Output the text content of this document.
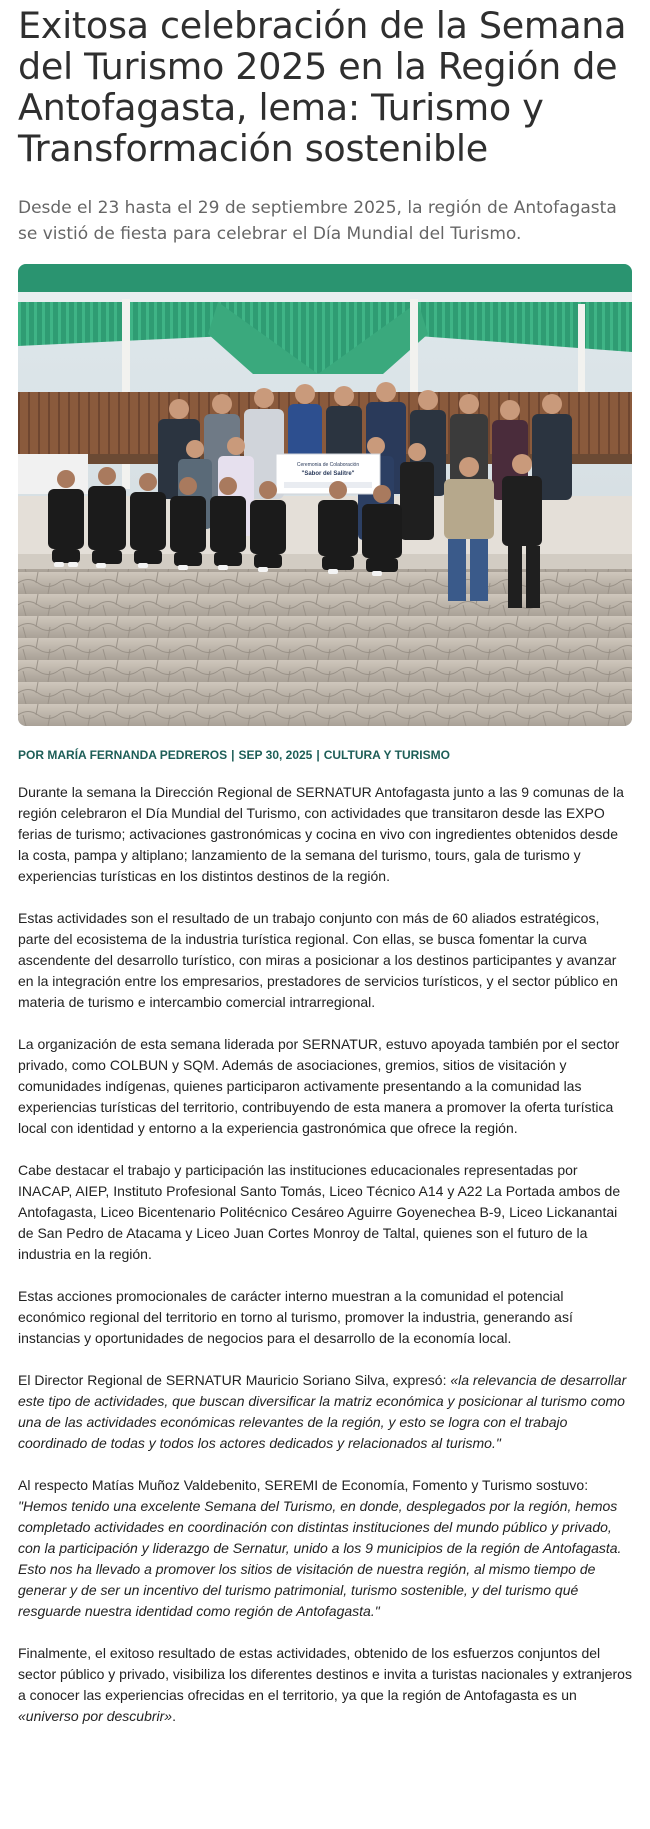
Exitosa celebración de la Semana del Turismo 2025 en la Región de Antofagasta, lema: Turismo y Transformación sostenible

Desde el 23 hasta el 29 de septiembre 2025, la región de Antofagasta se vistió de fiesta para celebrar el Día Mundial del Turismo.

Ceremonia de Colaboración
"Sabor del Salitre"
POR MARÍA FERNANDA PEDREROS | SEP 30, 2025 | CULTURA Y TURISMO

Durante la semana la Dirección Regional de SERNATUR Antofagasta junto a las 9 comunas de la región celebraron el Día Mundial del Turismo, con actividades que transitaron desde las EXPO ferias de turismo; activaciones gastronómicas y cocina en vivo con ingredientes obtenidos desde la costa, pampa y altiplano; lanzamiento de la semana del turismo, tours, gala de turismo y experiencias turísticas en los distintos destinos de la región.

Estas actividades son el resultado de un trabajo conjunto con más de 60 aliados estratégicos, parte del ecosistema de la industria turística regional. Con ellas, se busca fomentar la curva ascendente del desarrollo turístico, con miras a posicionar a los destinos participantes y avanzar en la integración entre los empresarios, prestadores de servicios turísticos, y el sector público en materia de turismo e intercambio comercial intrarregional.

La organización de esta semana liderada por SERNATUR, estuvo apoyada también por el sector privado, como COLBUN y SQM. Además de asociaciones, gremios, sitios de visitación y comunidades indígenas, quienes participaron activamente presentando a la comunidad las experiencias turísticas del territorio, contribuyendo de esta manera a promover la oferta turística local con identidad y entorno a la experiencia gastronómica que ofrece la región.

Cabe destacar el trabajo y participación las instituciones educacionales representadas por INACAP, AIEP, Instituto Profesional Santo Tomás, Liceo Técnico A14 y A22 La Portada ambos de Antofagasta, Liceo Bicentenario Politécnico Cesáreo Aguirre Goyenechea B-9, Liceo Lickanantai de San Pedro de Atacama y Liceo Juan Cortes Monroy de Taltal, quienes son el futuro de la industria en la región.

Estas acciones promocionales de carácter interno muestran a la comunidad el potencial económico regional del territorio en torno al turismo, promover la industria, generando así instancias y oportunidades de negocios para el desarrollo de la economía local.

El Director Regional de SERNATUR Mauricio Soriano Silva, expresó: «la relevancia de desarrollar este tipo de actividades, que buscan diversificar la matriz económica y posicionar al turismo como una de las actividades económicas relevantes de la región, y esto se logra con el trabajo coordinado de todas y todos los actores dedicados y relacionados al turismo."

Al respecto Matías Muñoz Valdebenito, SEREMI de Economía, Fomento y Turismo sostuvo: "Hemos tenido una excelente Semana del Turismo, en donde, desplegados por la región, hemos completado actividades en coordinación con distintas instituciones del mundo público y privado, con la participación y liderazgo de Sernatur, unido a los 9 municipios de la región de Antofagasta. Esto nos ha llevado a promover los sitios de visitación de nuestra región, al mismo tiempo de generar y de ser un incentivo del turismo patrimonial, turismo sostenible, y del turismo qué resguarde nuestra identidad como región de Antofagasta."

Finalmente, el exitoso resultado de estas actividades, obtenido de los esfuerzos conjuntos del sector público y privado, visibiliza los diferentes destinos e invita a turistas nacionales y extranjeros a conocer las experiencias ofrecidas en el territorio, ya que la región de Antofagasta es un «universo por descubrir».
